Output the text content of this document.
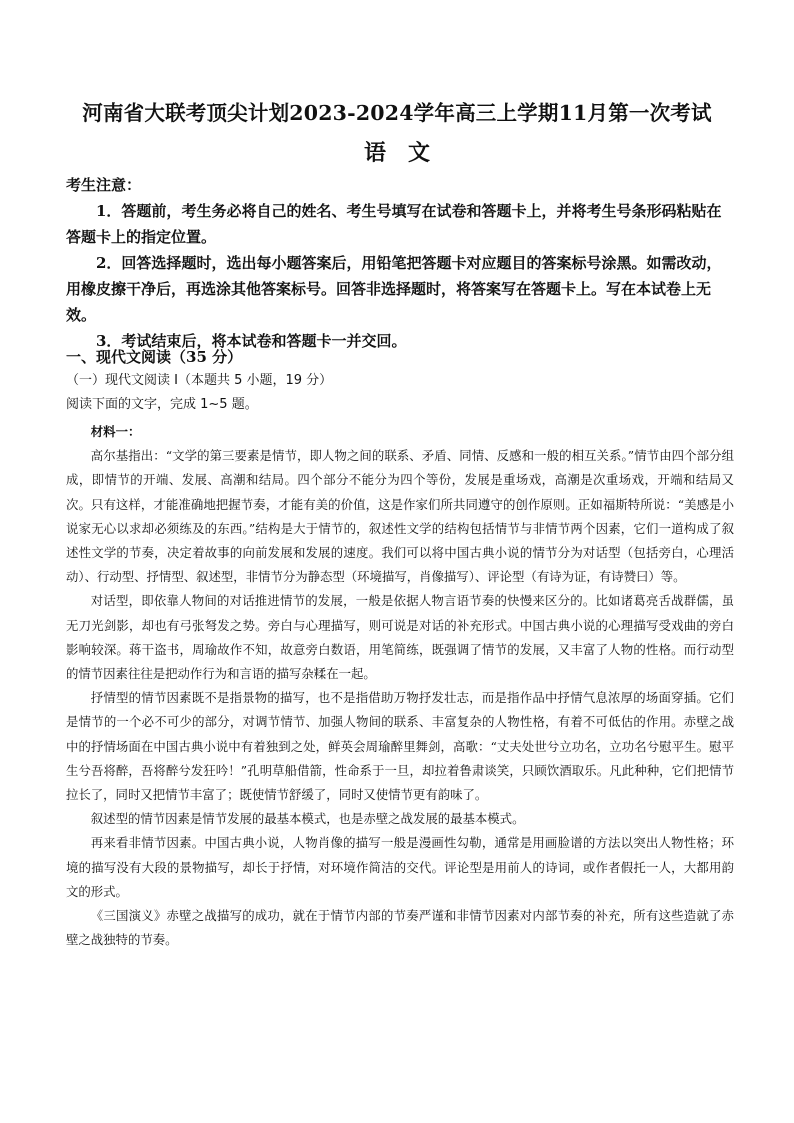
河南省大联考顶尖计划2023-2024学年高三上学期11月第一次考试
语　文

考生注意：

1．答题前，考生务必将自己的姓名、考生号填写在试卷和答题卡上，并将考生号条形码粘贴在答题卡上的指定位置。

2．回答选择题时，选出每小题答案后，用铅笔把答题卡对应题目的答案标号涂黑。如需改动，用橡皮擦干净后，再选涂其他答案标号。回答非选择题时，将答案写在答题卡上。写在本试卷上无效。

3．考试结束后，将本试卷和答题卡一并交回。

一、现代文阅读（35 分）
（一）现代文阅读 I（本题共 5 小题，19 分）
阅读下面的文字，完成 1~5 题。

材料一：

高尔基指出：“文学的第三要素是情节，即人物之间的联系、矛盾、同情、反感和一般的相互关系。”情节由四个部分组成，即情节的开端、发展、高潮和结局。四个部分不能分为四个等份，发展是重场戏，高潮是次重场戏，开端和结局又次。只有这样，才能准确地把握节奏，才能有美的价值，这是作家们所共同遵守的创作原则。正如福斯特所说：“美感是小说家无心以求却必须练及的东西。”结构是大于情节的，叙述性文学的结构包括情节与非情节两个因素，它们一道构成了叙述性文学的节奏，决定着故事的向前发展和发展的速度。我们可以将中国古典小说的情节分为对话型（包括旁白，心理活动）、行动型、抒情型、叙述型，非情节分为静态型（环境描写，肖像描写）、评论型（有诗为证，有诗赞曰）等。

对话型，即依靠人物间的对话推进情节的发展，一般是依据人物言语节奏的快慢来区分的。比如诸葛亮舌战群儒，虽无刀光剑影，却也有弓张弩发之势。旁白与心理描写，则可说是对话的补充形式。中国古典小说的心理描写受戏曲的旁白影响较深。蒋干盗书，周瑜故作不知，故意旁白数语，用笔简练，既强调了情节的发展，又丰富了人物的性格。而行动型的情节因素往往是把动作行为和言语的描写杂糅在一起。

抒情型的情节因素既不是指景物的描写，也不是指借助万物抒发壮志，而是指作品中抒情气息浓厚的场面穿插。它们是情节的一个必不可少的部分，对调节情节、加强人物间的联系、丰富复杂的人物性格，有着不可低估的作用。赤壁之战中的抒情场面在中国古典小说中有着独到之处，鲜英会周瑜醉里舞剑，高歌：“丈夫处世兮立功名，立功名兮慰平生。慰平生兮吾将醉，吾将醉兮发狂吟！”孔明草船借箭，性命系于一旦，却拉着鲁肃谈笑，只顾饮酒取乐。凡此种种，它们把情节拉长了，同时又把情节丰富了；既使情节舒缓了，同时又使情节更有韵味了。

叙述型的情节因素是情节发展的最基本模式，也是赤壁之战发展的最基本模式。

再来看非情节因素。中国古典小说，人物肖像的描写一般是漫画性勾勒，通常是用画脸谱的方法以突出人物性格；环境的描写没有大段的景物描写，却长于抒情，对环境作简洁的交代。评论型是用前人的诗词，或作者假托一人，大都用韵文的形式。

《三国演义》赤壁之战描写的成功，就在于情节内部的节奏严谨和非情节因素对内部节奏的补充，所有这些造就了赤壁之战独特的节奏。
